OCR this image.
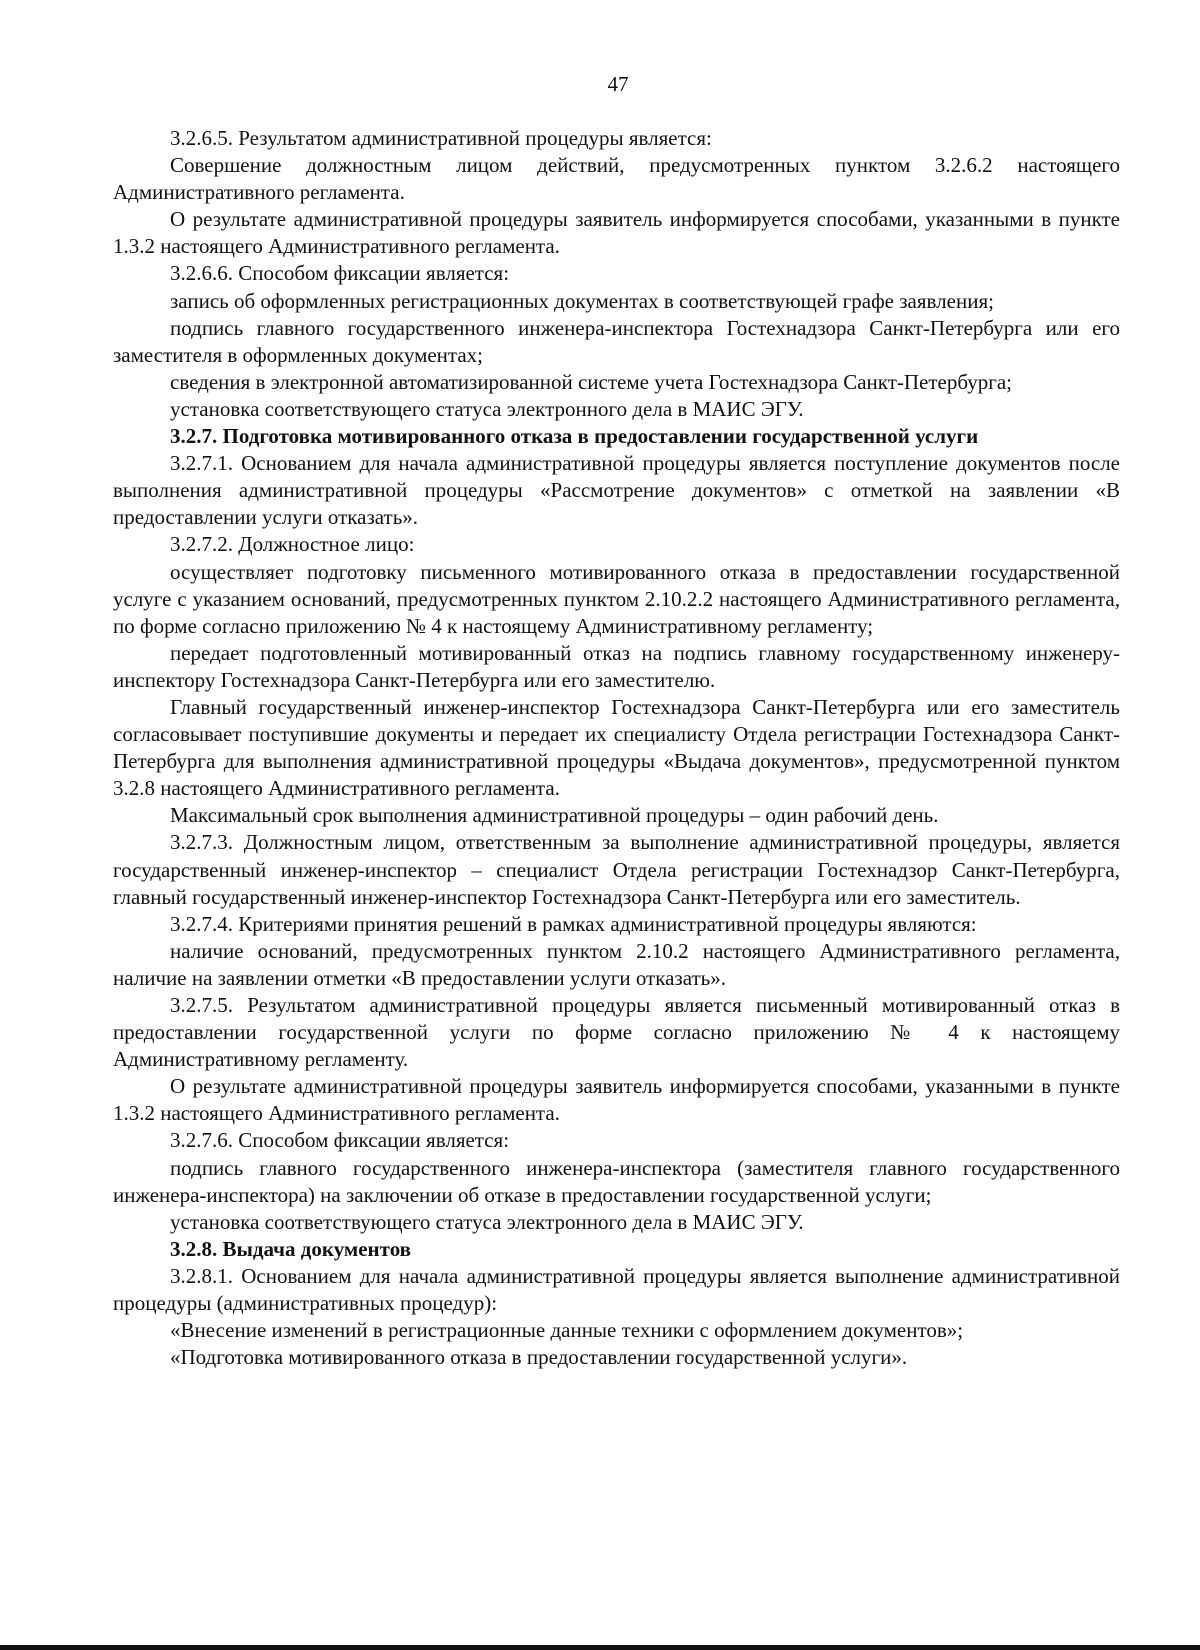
47

3.2.6.5. Результатом административной процедуры является:

Совершение должностным лицом действий, предусмотренных пунктом 3.2.6.2 настоящего Административного регламента.

О результате административной процедуры заявитель информируется способами, указанными в пункте 1.3.2 настоящего Административного регламента.

3.2.6.6. Способом фиксации является:

запись об оформленных регистрационных документах в соответствующей графе заявления;

подпись главного государственного инженера-инспектора Гостехнадзора Санкт-Петербурга или его заместителя в оформленных документах;

сведения в электронной автоматизированной системе учета Гостехнадзора Санкт-Петербурга;

установка соответствующего статуса электронного дела в МАИС ЭГУ.

3.2.7. Подготовка мотивированного отказа в предоставлении государственной услуги

3.2.7.1. Основанием для начала административной процедуры является поступление документов после выполнения административной процедуры «Рассмотрение документов» с отметкой на заявлении «В предоставлении услуги отказать».

3.2.7.2. Должностное лицо:

осуществляет подготовку письменного мотивированного отказа в предоставлении государственной услуге с указанием оснований, предусмотренных пунктом 2.10.2.2 настоящего Административного регламента, по форме согласно приложению № 4 к настоящему Административному регламенту;

передает подготовленный мотивированный отказ на подпись главному государственному инженеру-инспектору Гостехнадзора Санкт-Петербурга или его заместителю.

Главный государственный инженер-инспектор Гостехнадзора Санкт-Петербурга или его заместитель согласовывает поступившие документы и передает их специалисту Отдела регистрации Гостехнадзора Санкт-Петербурга для выполнения административной процедуры «Выдача документов», предусмотренной пунктом 3.2.8 настоящего Административного регламента.

Максимальный срок выполнения административной процедуры – один рабочий день.

3.2.7.3. Должностным лицом, ответственным за выполнение административной процедуры, является государственный инженер-инспектор – специалист Отдела регистрации Гостехнадзор Санкт-Петербурга, главный государственный инженер-инспектор Гостехнадзора Санкт-Петербурга или его заместитель.

3.2.7.4. Критериями принятия решений в рамках административной процедуры являются:

наличие оснований, предусмотренных пунктом 2.10.2 настоящего Административного регламента, наличие на заявлении отметки «В предоставлении услуги отказать».

3.2.7.5. Результатом административной процедуры является письменный мотивированный отказ в предоставлении государственной услуги по форме согласно приложению № 4 к настоящему Административному регламенту.

О результате административной процедуры заявитель информируется способами, указанными в пункте 1.3.2 настоящего Административного регламента.

3.2.7.6. Способом фиксации является:

подпись главного государственного инженера-инспектора (заместителя главного государственного инженера-инспектора) на заключении об отказе в предоставлении государственной услуги;

установка соответствующего статуса электронного дела в МАИС ЭГУ.

3.2.8. Выдача документов

3.2.8.1. Основанием для начала административной процедуры является выполнение административной процедуры (административных процедур):

«Внесение изменений в регистрационные данные техники с оформлением документов»;

«Подготовка мотивированного отказа в предоставлении государственной услуги».
